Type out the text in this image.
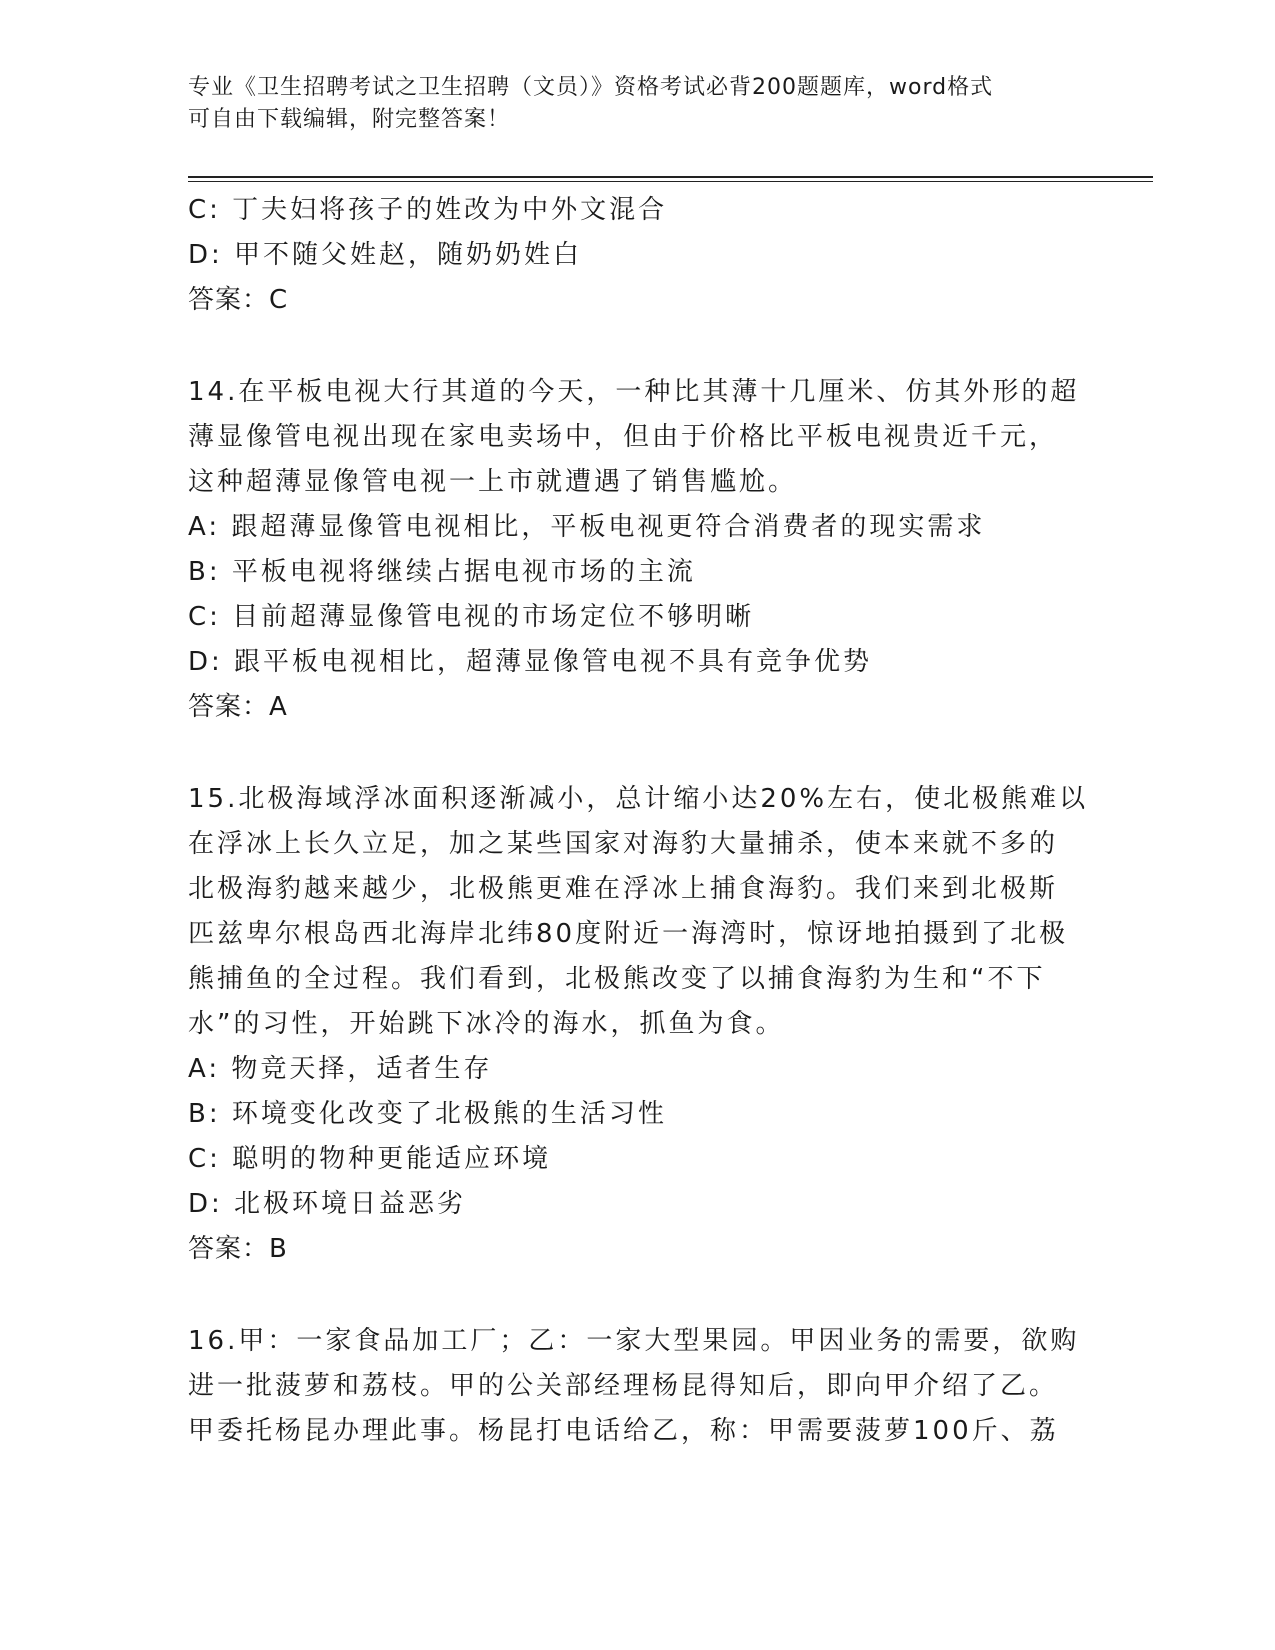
专业《卫生招聘考试之卫生招聘（文员）》资格考试必背200题题库，word格式
可自由下载编辑，附完整答案！
C: 丁夫妇将孩子的姓改为中外文混合
D: 甲不随父姓赵，随奶奶姓白
答案：C
14.在平板电视大行其道的今天，一种比其薄十几厘米、仿其外形的超
薄显像管电视出现在家电卖场中，但由于价格比平板电视贵近千元，
这种超薄显像管电视一上市就遭遇了销售尴尬。
A: 跟超薄显像管电视相比，平板电视更符合消费者的现实需求
B: 平板电视将继续占据电视市场的主流
C: 目前超薄显像管电视的市场定位不够明晰
D: 跟平板电视相比，超薄显像管电视不具有竞争优势
答案：A
15.北极海域浮冰面积逐渐减小，总计缩小达20%左右，使北极熊难以
在浮冰上长久立足，加之某些国家对海豹大量捕杀，使本来就不多的
北极海豹越来越少，北极熊更难在浮冰上捕食海豹。我们来到北极斯
匹兹卑尔根岛西北海岸北纬80度附近一海湾时，惊讶地拍摄到了北极
熊捕鱼的全过程。我们看到，北极熊改变了以捕食海豹为生和“不下
水”的习性，开始跳下冰冷的海水，抓鱼为食。
A: 物竞天择，适者生存
B: 环境变化改变了北极熊的生活习性
C: 聪明的物种更能适应环境
D: 北极环境日益恶劣
答案：B
16.甲：一家食品加工厂；乙：一家大型果园。甲因业务的需要，欲购
进一批菠萝和荔枝。甲的公关部经理杨昆得知后，即向甲介绍了乙。
甲委托杨昆办理此事。杨昆打电话给乙，称：甲需要菠萝100斤、荔
